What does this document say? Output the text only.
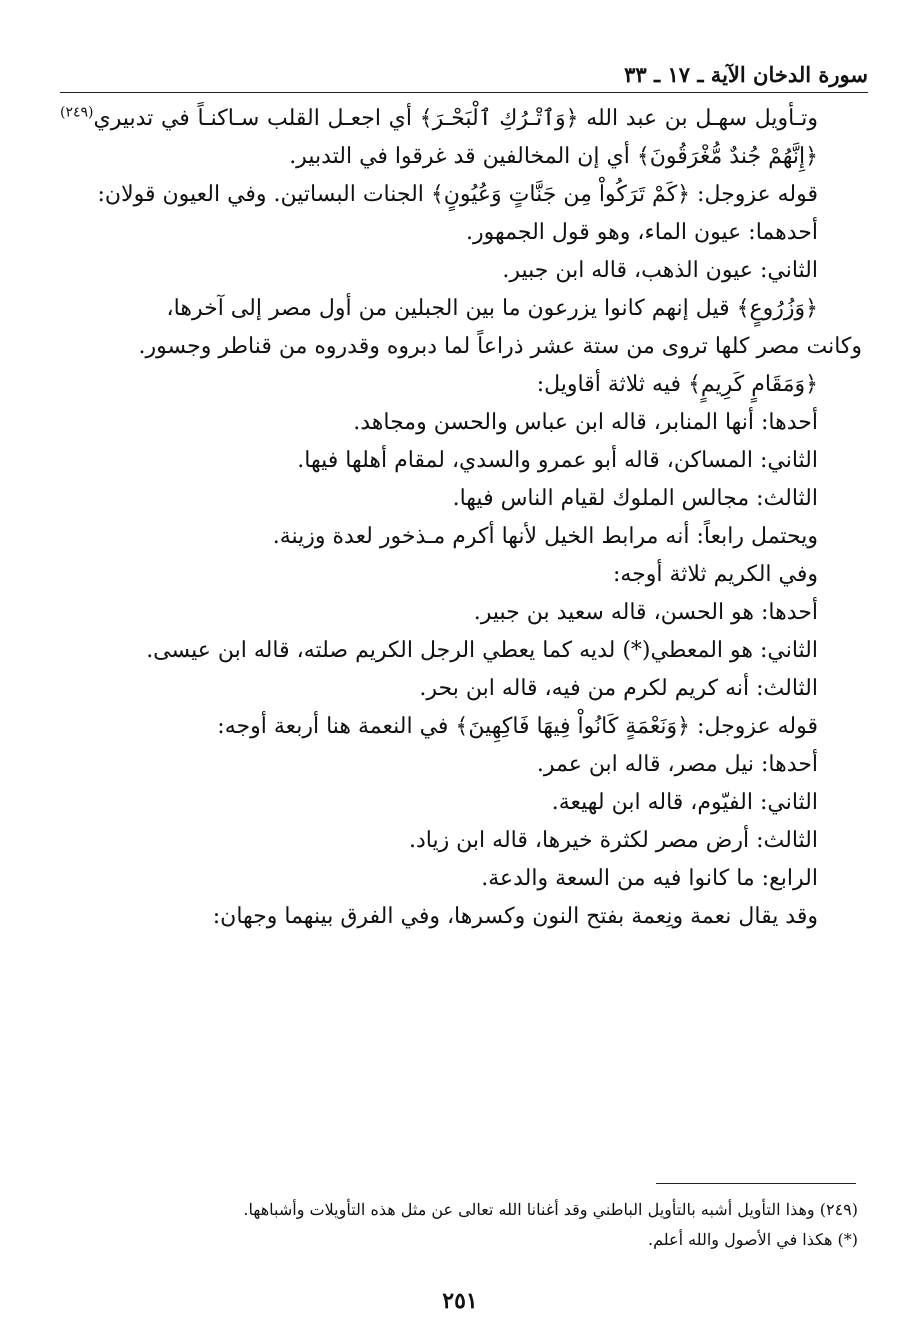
سورة الدخان الآية ـ ١٧ ـ ٣٣

وتـأويل سهـل بن عبد الله ﴿وَٱتْـرُكِ ٱلْبَحْـرَ﴾ أي اجعـل القلب سـاكنـاً في تدبيري$^{(٢٤٩)}$ ﴿إِنَّهُمْ جُندٌ مُّغْرَقُونَ﴾ أي إن المخالفين قد غرقوا في التدبير.

قوله عزوجل: ﴿كَمْ تَرَكُواْ مِن جَنَّاتٍ وَعُيُونٍ﴾ الجنات البساتين. وفي العيون قولان:

أحدهما: عيون الماء، وهو قول الجمهور.

الثاني: عيون الذهب، قاله ابن جبير.

﴿وَزُرُوعٍ﴾ قيل إنهم كانوا يزرعون ما بين الجبلين من أول مصر إلى آخرها،

وكانت مصر كلها تروى من ستة عشر ذراعاً لما دبروه وقدروه من قناطر وجسور.

﴿وَمَقَامٍ كَرِيمٍ﴾ فيه ثلاثة أقاويل:

أحدها: أنها المنابر، قاله ابن عباس والحسن ومجاهد.

الثاني: المساكن، قاله أبو عمرو والسدي، لمقام أهلها فيها.

الثالث: مجالس الملوك لقيام الناس فيها.

ويحتمل رابعاً: أنه مرابط الخيل لأنها أكرم مـذخور لعدة وزينة.

وفي الكريم ثلاثة أوجه:

أحدها: هو الحسن، قاله سعيد بن جبير.

الثاني: هو المعطي(*) لديه كما يعطي الرجل الكريم صلته، قاله ابن عيسى.

الثالث: أنه كريم لكرم من فيه، قاله ابن بحر.

قوله عزوجل: ﴿وَنَعْمَةٍ كَانُواْ فِيهَا فَاكِهِينَ﴾ في النعمة هنا أربعة أوجه:

أحدها: نيل مصر، قاله ابن عمر.

الثاني: الفيّوم، قاله ابن لهيعة.

الثالث: أرض مصر لكثرة خيرها، قاله ابن زياد.

الرابع: ما كانوا فيه من السعة والدعة.

وقد يقال نعمة ونِعمة بفتح النون وكسرها، وفي الفرق بينهما وجهان:

(٢٤٩) وهذا التأويل أشبه بالتأويل الباطني وقد أغنانا الله تعالى عن مثل هذه التأويلات وأشباهها.

(*) هكذا في الأصول والله أعلم.

٢٥١
